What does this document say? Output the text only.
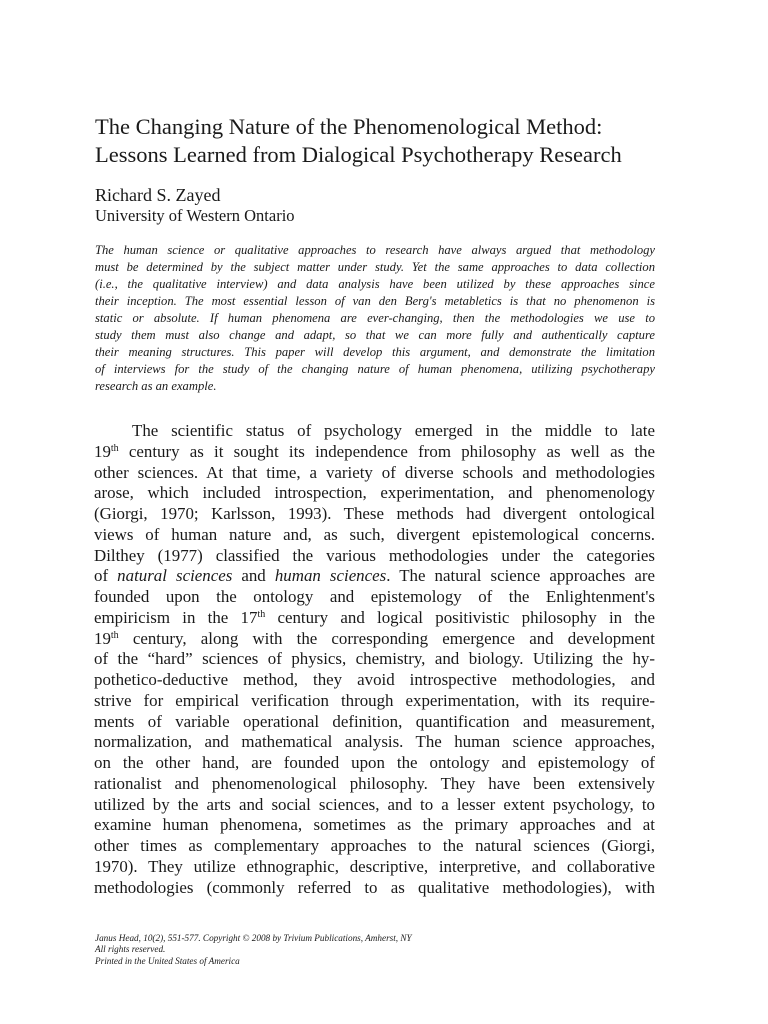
The Changing Nature of the Phenomenological Method:
Lessons Learned from Dialogical Psychotherapy Research

Richard S. Zayed

University of Western Ontario

The human science or qualitative approaches to research have always argued that methodology
must be determined by the subject matter under study. Yet the same approaches to data collection
(i.e., the qualitative interview) and data analysis have been utilized by these approaches since
their inception. The most essential lesson of van den Berg's metabletics is that no phenomenon is
static or absolute. If human phenomena are ever-changing, then the methodologies we use to
study them must also change and adapt, so that we can more fully and authentically capture
their meaning structures. This paper will develop this argument, and demonstrate the limitation
of interviews for the study of the changing nature of human phenomena, utilizing psychotherapy
research as an example.
The scientific status of psychology emerged in the middle to late
19th century as it sought its independence from philosophy as well as the
other sciences. At that time, a variety of diverse schools and methodologies
arose, which included introspection, experimentation, and phenomenology
(Giorgi, 1970; Karlsson, 1993). These methods had divergent ontological
views of human nature and, as such, divergent epistemological concerns.
Dilthey (1977) classified the various methodologies under the categories
of natural sciences and human sciences. The natural science approaches are
founded upon the ontology and epistemology of the Enlightenment's
empiricism in the 17th century and logical positivistic philosophy in the
19th century, along with the corresponding emergence and development
of the “hard” sciences of physics, chemistry, and biology. Utilizing the hy-
pothetico-deductive method, they avoid introspective methodologies, and
strive for empirical verification through experimentation, with its require-
ments of variable operational definition, quantification and measurement,
normalization, and mathematical analysis. The human science approaches,
on the other hand, are founded upon the ontology and epistemology of
rationalist and phenomenological philosophy. They have been extensively
utilized by the arts and social sciences, and to a lesser extent psychology, to
examine human phenomena, sometimes as the primary approaches and at
other times as complementary approaches to the natural sciences (Giorgi,
1970). They utilize ethnographic, descriptive, interpretive, and collaborative
methodologies (commonly referred to as qualitative methodologies), with
Janus Head, 10(2), 551-577. Copyright © 2008 by Trivium Publications, Amherst, NY
All rights reserved.
Printed in the United States of America
